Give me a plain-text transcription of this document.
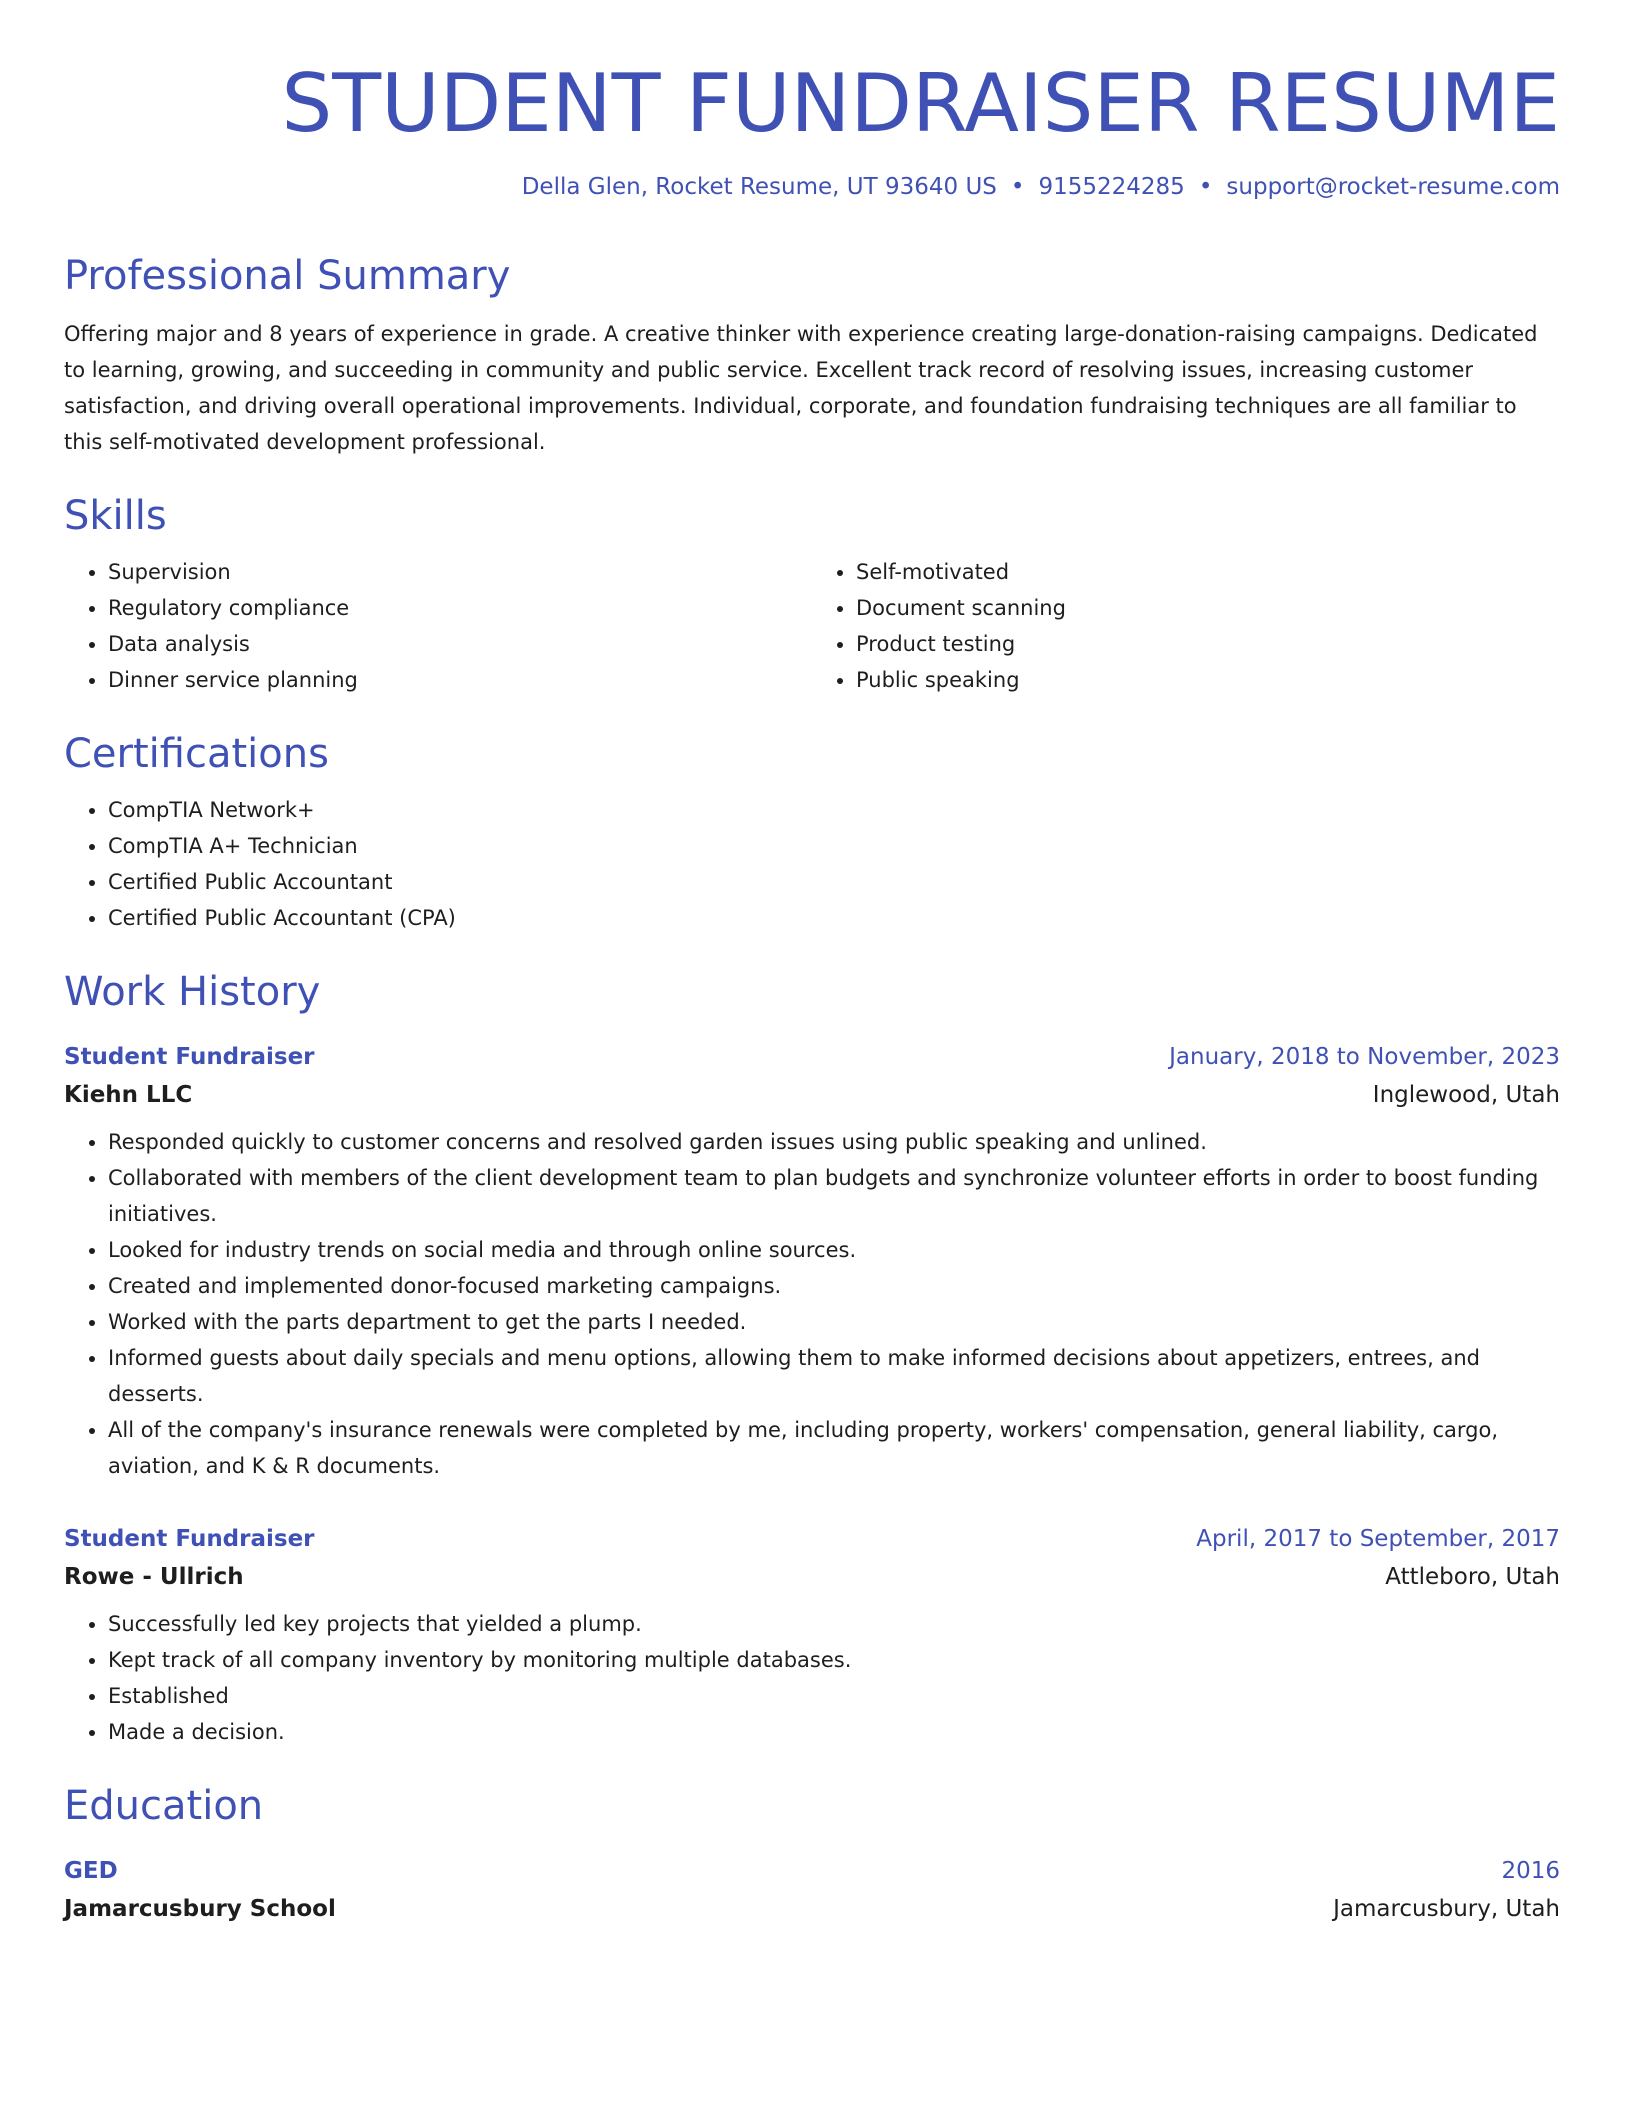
STUDENT FUNDRAISER RESUME
Della Glen, Rocket Resume, UT 93640 US • 9155224285 • support@rocket-resume.com
Professional Summary
Offering major and 8 years of experience in grade. A creative thinker with experience creating large-donation-raising campaigns. Dedicated to learning, growing, and succeeding in community and public service. Excellent track record of resolving issues, increasing customer satisfaction, and driving overall operational improvements. Individual, corporate, and foundation fundraising techniques are all familiar to this self-motivated development professional.
Skills
• Supervision
• Regulatory compliance
• Data analysis
• Dinner service planning
• Self-motivated
• Document scanning
• Product testing
• Public speaking
Certifications
• CompTIA Network+
• CompTIA A+ Technician
• Certified Public Accountant
• Certified Public Accountant (CPA)
Work History
Student Fundraiser	January, 2018 to November, 2023
Kiehn LLC	Inglewood, Utah
• Responded quickly to customer concerns and resolved garden issues using public speaking and unlined.
• Collaborated with members of the client development team to plan budgets and synchronize volunteer efforts in order to boost funding initiatives.
• Looked for industry trends on social media and through online sources.
• Created and implemented donor-focused marketing campaigns.
• Worked with the parts department to get the parts I needed.
• Informed guests about daily specials and menu options, allowing them to make informed decisions about appetizers, entrees, and desserts.
• All of the company's insurance renewals were completed by me, including property, workers' compensation, general liability, cargo, aviation, and K & R documents.
Student Fundraiser	April, 2017 to September, 2017
Rowe - Ullrich	Attleboro, Utah
• Successfully led key projects that yielded a plump.
• Kept track of all company inventory by monitoring multiple databases.
• Established
• Made a decision.
Education
GED	2016
Jamarcusbury School	Jamarcusbury, Utah
